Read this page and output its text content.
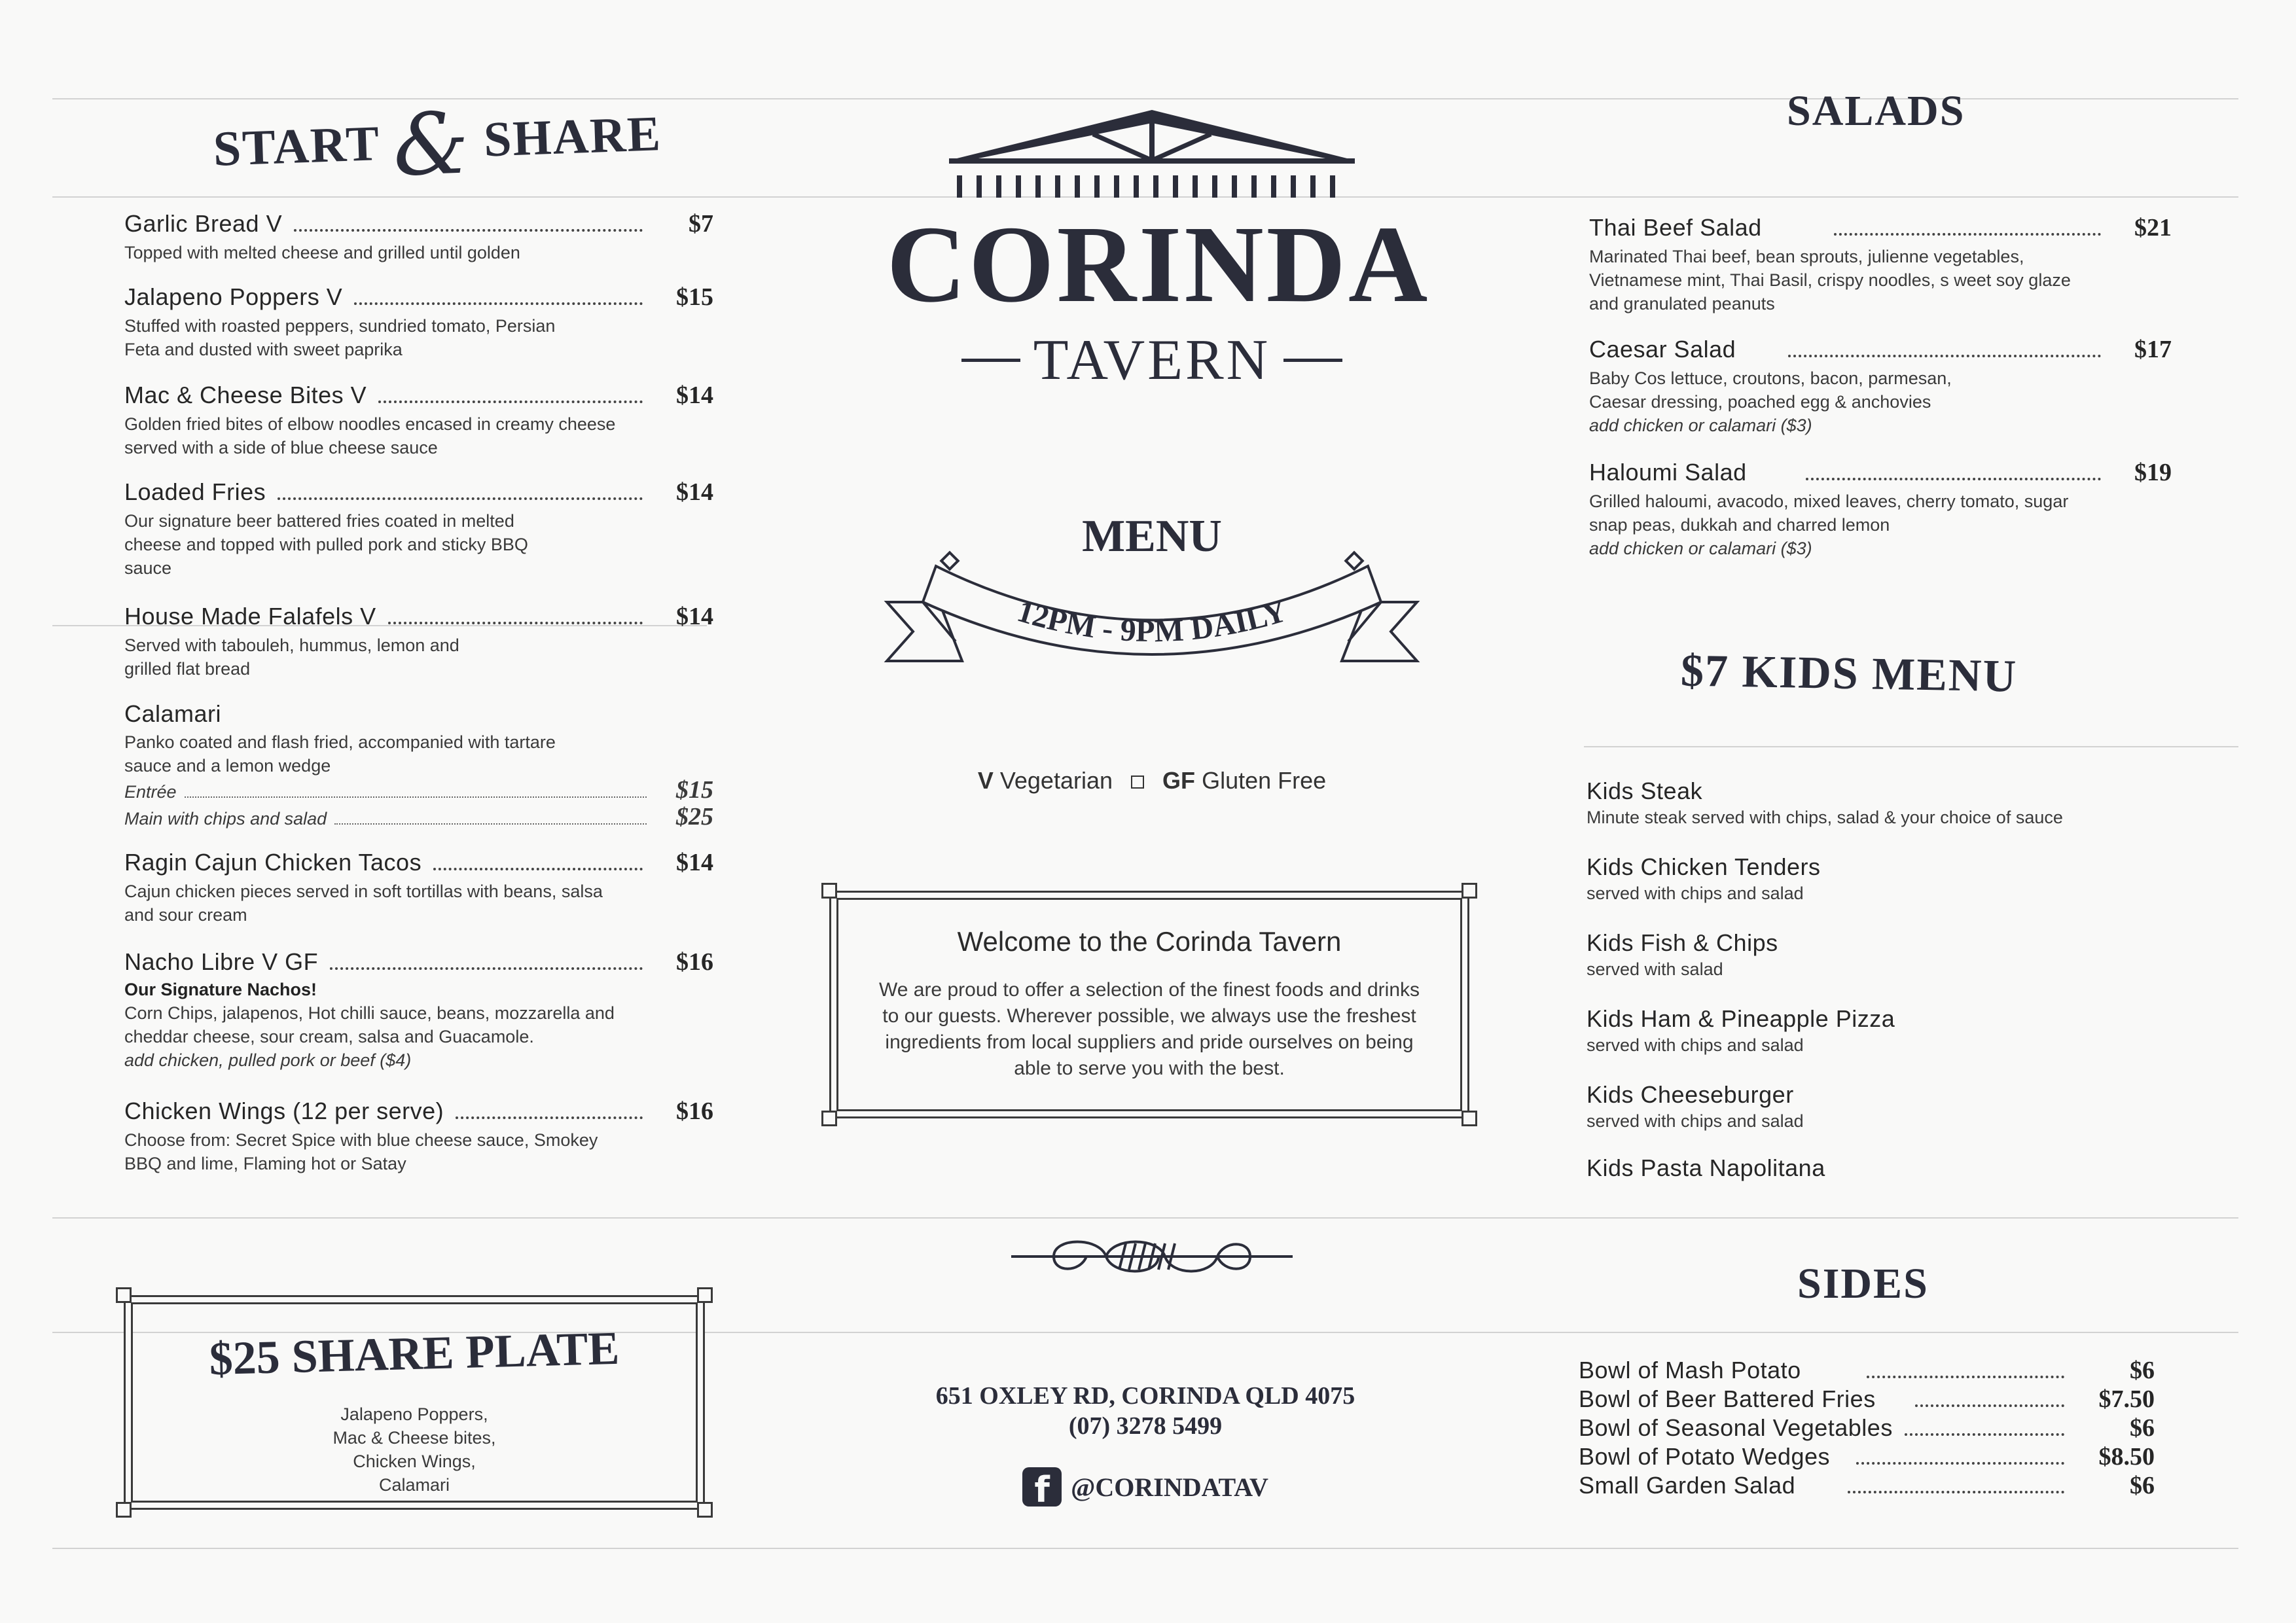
START & SHARE
Garlic Bread V	$7
Topped with melted cheese and grilled until golden
Jalapeno Poppers V	$15
Stuffed with roasted peppers, sundried tomato, Persian Feta and dusted with sweet paprika
Mac & Cheese Bites V	$14
Golden fried bites of elbow noodles encased in creamy cheese served with a side of blue cheese sauce
Loaded Fries	$14
Our signature beer battered fries coated in melted cheese and topped with pulled pork and sticky BBQ sauce
House Made Falafels V	$14
Served with tabouleh, hummus, lemon and grilled flat bread
Calamari
Panko coated and flash fried, accompanied with tartare sauce and a lemon wedge
Entrée	$15
Main with chips and salad	$25
Ragin Cajun Chicken Tacos	$14
Cajun chicken pieces served in soft tortillas with beans, salsa and sour cream
Nacho Libre V GF	$16
Our Signature Nachos!
Corn Chips, jalapenos, Hot chilli sauce, beans, mozzarella and cheddar cheese, sour cream, salsa and Guacamole.
add chicken, pulled pork or beef ($4)
Chicken Wings (12 per serve)	$16
Choose from: Secret Spice with blue cheese sauce, Smokey BBQ and lime, Flaming hot or Satay
$25 SHARE PLATE
Jalapeno Poppers,
Mac & Cheese bites,
Chicken Wings,
Calamari
CORINDA
TAVERN
MENU
12PM - 9PM DAILY
V Vegetarian GF Gluten Free
Welcome to the Corinda Tavern
We are proud to offer a selection of the finest foods and drinks to our guests. Wherever possible, we always use the freshest ingredients from local suppliers and pride ourselves on being able to serve you with the best.
651 OXLEY RD, CORINDA QLD 4075
(07) 3278 5499
f @CORINDATAV
SALADS
Thai Beef Salad	$21
Marinated Thai beef, bean sprouts, julienne vegetables, Vietnamese mint, Thai Basil, crispy noodles, s weet soy glaze and granulated peanuts
Caesar Salad	$17
Baby Cos lettuce, croutons, bacon, parmesan, Caesar dressing, poached egg & anchovies
add chicken or calamari ($3)
Haloumi Salad	$19
Grilled haloumi, avacodo, mixed leaves, cherry tomato, sugar snap peas, dukkah and charred lemon
add chicken or calamari ($3)
$7 KIDS MENU
Kids Steak
Minute steak served with chips, salad & your choice of sauce
Kids Chicken Tenders
served with chips and salad
Kids Fish & Chips
served with salad
Kids Ham & Pineapple Pizza
served with chips and salad
Kids Cheeseburger
served with chips and salad
Kids Pasta Napolitana
SIDES
Bowl of Mash Potato	$6
Bowl of Beer Battered Fries	$7.50
Bowl of Seasonal Vegetables	$6
Bowl of Potato Wedges	$8.50
Small Garden Salad	$6
